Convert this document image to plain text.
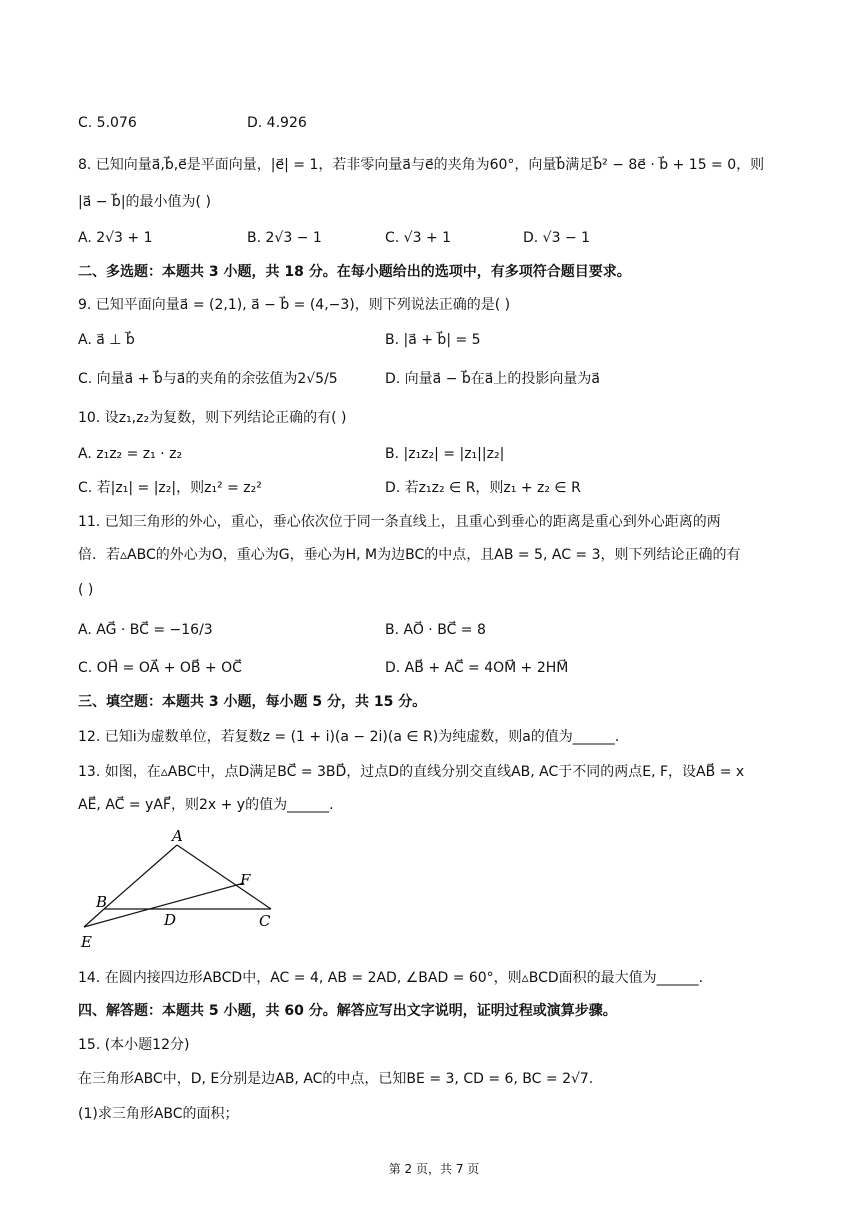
C. 5.076	D. 4.926
8. 已知向量a⃗,b⃗,e⃗是平面向量，|e⃗| = 1，若非零向量a⃗与e⃗的夹角为60°，向量b⃗满足b⃗² − 8e⃗ · b⃗ + 15 = 0，则
|a⃗ − b⃗|的最小值为( )
A. 2√3 + 1	B. 2√3 − 1	C. √3 + 1	D. √3 − 1
二、多选题：本题共 3 小题，共 18 分。在每小题给出的选项中，有多项符合题目要求。
9. 已知平面向量a⃗ = (2,1), a⃗ − b⃗ = (4,−3)，则下列说法正确的是( )
A. a⃗ ⊥ b⃗	B. |a⃗ + b⃗| = 5
C. 向量a⃗ + b⃗与a⃗的夹角的余弦值为2√5/5	D. 向量a⃗ − b⃗在a⃗上的投影向量为a⃗
10. 设z₁,z₂为复数，则下列结论正确的有( )
A. z₁z₂ = z₁ · z₂	B. |z₁z₂| = |z₁||z₂|
C. 若|z₁| = |z₂|，则z₁² = z₂²	D. 若z₁z₂ ∈ R，则z₁ + z₂ ∈ R
11. 已知三角形的外心，重心，垂心依次位于同一条直线上，且重心到垂心的距离是重心到外心距离的两
倍．若▵ABC的外心为O，重心为G，垂心为H, M为边BC的中点，且AB = 5, AC = 3，则下列结论正确的有
( )
A. AG⃗ · BC⃗ = −16/3	B. AO⃗ · BC⃗ = 8
C. OH⃗ = OA⃗ + OB⃗ + OC⃗	D. AB⃗ + AC⃗ = 4OM⃗ + 2HM⃗
三、填空题：本题共 3 小题，每小题 5 分，共 15 分。
12. 已知i为虚数单位，若复数z = (1 + i)(a − 2i)(a ∈ R)为纯虚数，则a的值为______.
13. 如图，在▵ABC中，点D满足BC⃗ = 3BD⃗，过点D的直线分别交直线AB, AC于不同的两点E, F，设AB⃗ = x
AE⃗, AC⃗ = yAF⃗，则2x + y的值为______.
A
B
C
D
E
F
14. 在圆内接四边形ABCD中，AC = 4, AB = 2AD, ∠BAD = 60°，则▵BCD面积的最大值为______.
四、解答题：本题共 5 小题，共 60 分。解答应写出文字说明，证明过程或演算步骤。
15. (本小题12分)
在三角形ABC中，D, E分别是边AB, AC的中点，已知BE = 3, CD = 6, BC = 2√7.
(1)求三角形ABC的面积；
第 2 页，共 7 页
